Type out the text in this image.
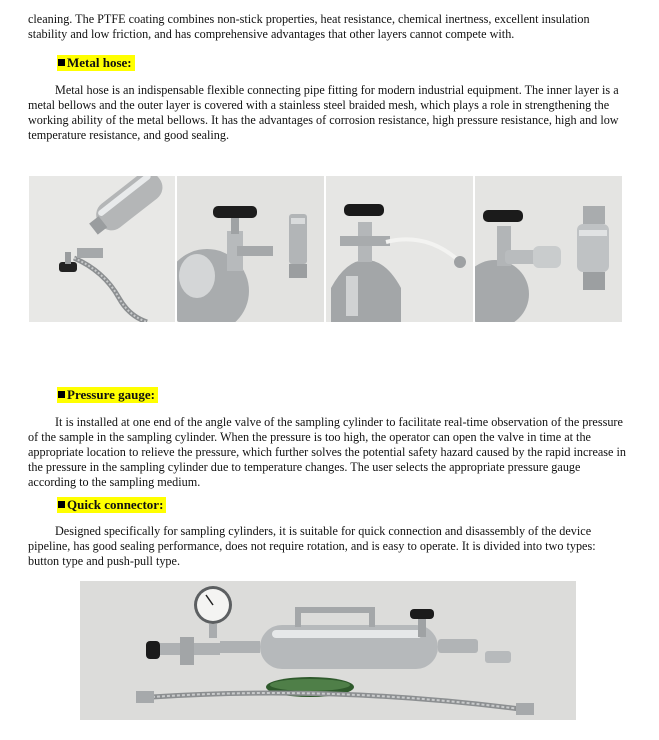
cleaning. The PTFE coating combines non-stick properties, heat resistance, chemical inertness, excellent insulation stability and low friction, and has comprehensive advantages that other layers cannot compete with.

Metal hose:

Metal hose is an indispensable flexible connecting pipe fitting for modern industrial equipment. The inner layer is a metal bellows and the outer layer is covered with a stainless steel braided mesh, which plays a role in strengthening the working ability of the metal bellows. It has the advantages of corrosion resistance, high pressure resistance, high and low temperature resistance, and good sealing.

Pressure gauge:

It is installed at one end of the angle valve of the sampling cylinder to facilitate real-time observation of the pressure of the sample in the sampling cylinder. When the pressure is too high, the operator can open the valve in time at the appropriate location to relieve the pressure, which further solves the potential safety hazard caused by the rapid increase in the pressure in the sampling cylinder due to temperature changes. The user selects the appropriate pressure gauge according to the sampling medium.

Quick connector:

Designed specifically for sampling cylinders, it is suitable for quick connection and disassembly of the device pipeline, has good sealing performance, does not require rotation, and is easy to operate. It is divided into two types: button type and push-pull type.
